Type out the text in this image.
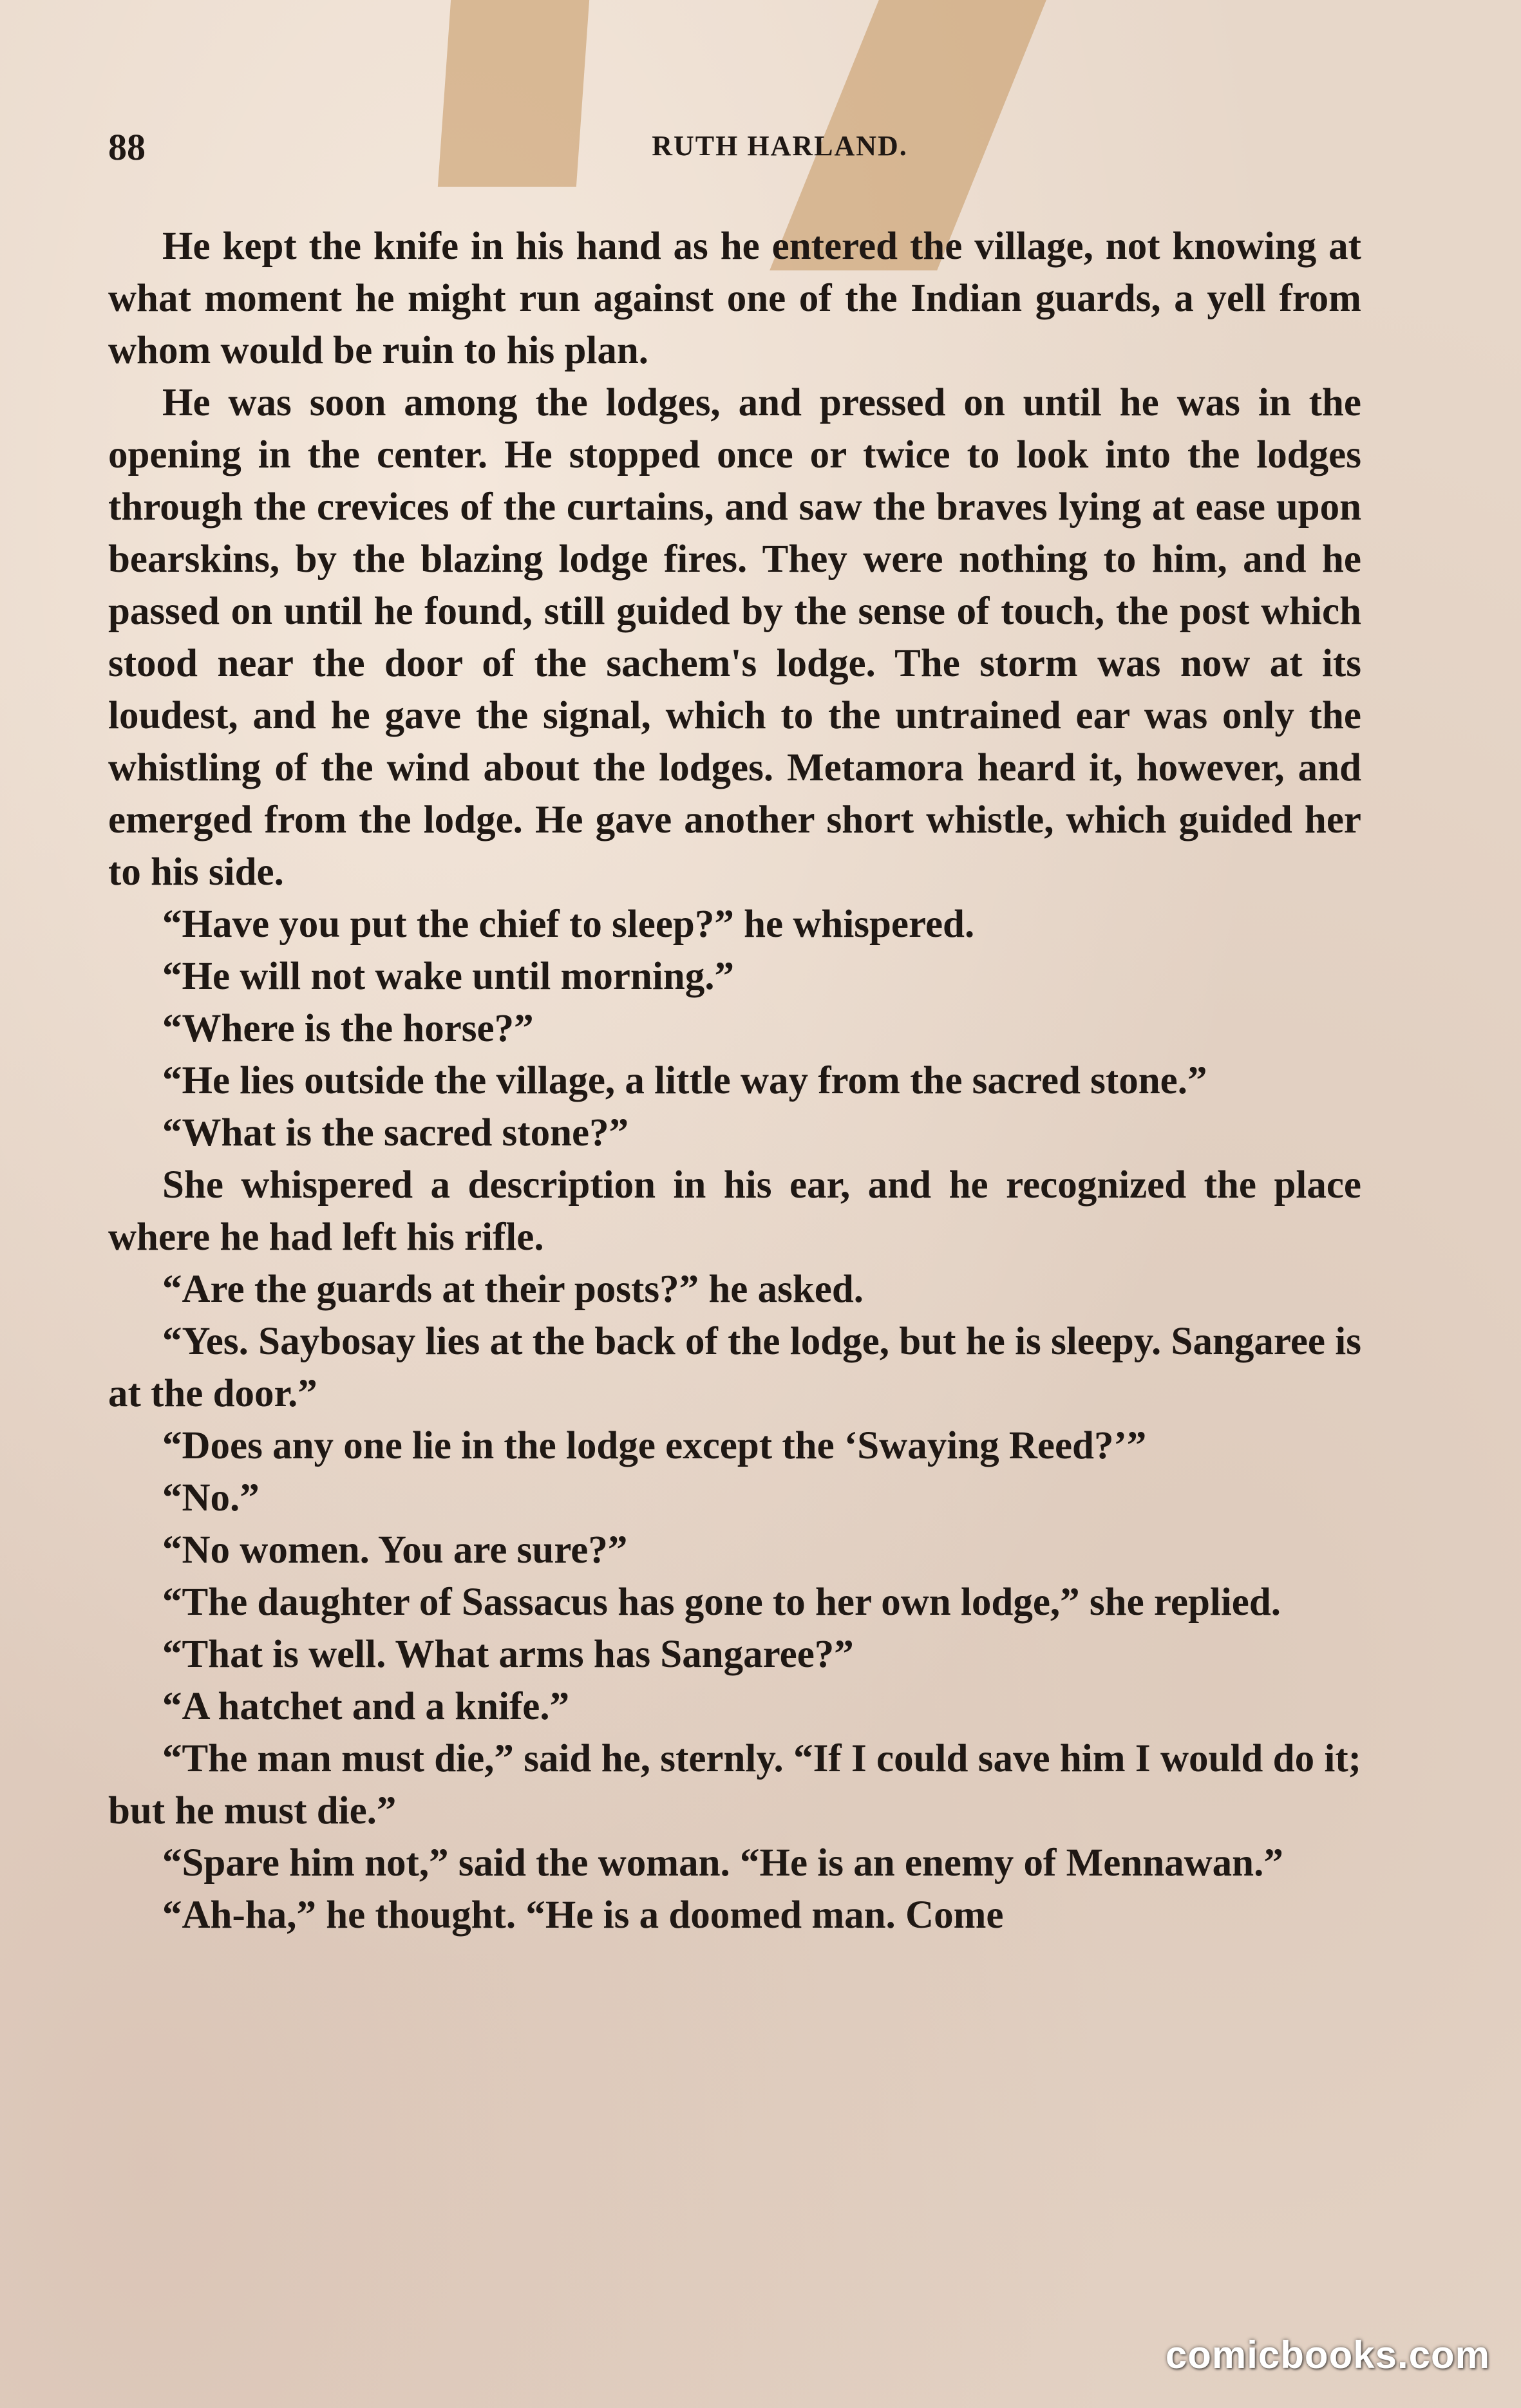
88	RUTH HARLAND.

He kept the knife in his hand as he entered the village, not knowing at what moment he might run against one of the Indian guards, a yell from whom would be ruin to his plan.

He was soon among the lodges, and pressed on until he was in the opening in the center. He stopped once or twice to look into the lodges through the crevices of the curtains, and saw the braves lying at ease upon bearskins, by the blazing lodge fires. They were nothing to him, and he passed on until he found, still guided by the sense of touch, the post which stood near the door of the sachem's lodge. The storm was now at its loudest, and he gave the signal, which to the untrained ear was only the whistling of the wind about the lodges. Metamora heard it, however, and emerged from the lodge. He gave another short whistle, which guided her to his side.

“Have you put the chief to sleep?” he whispered.

“He will not wake until morning.”

“Where is the horse?”

“He lies outside the village, a little way from the sacred stone.”

“What is the sacred stone?”

She whispered a description in his ear, and he recognized the place where he had left his rifle.

“Are the guards at their posts?” he asked.

“Yes. Saybosay lies at the back of the lodge, but he is sleepy. Sangaree is at the door.”

“Does any one lie in the lodge except the ‘Swaying Reed?’”

“No.”

“No women. You are sure?”

“The daughter of Sassacus has gone to her own lodge,” she replied.

“That is well. What arms has Sangaree?”

“A hatchet and a knife.”

“The man must die,” said he, sternly. “If I could save him I would do it; but he must die.”

“Spare him not,” said the woman. “He is an enemy of Mennawan.”

“Ah-ha,” he thought. “He is a doomed man. Come

comicbooks.com
